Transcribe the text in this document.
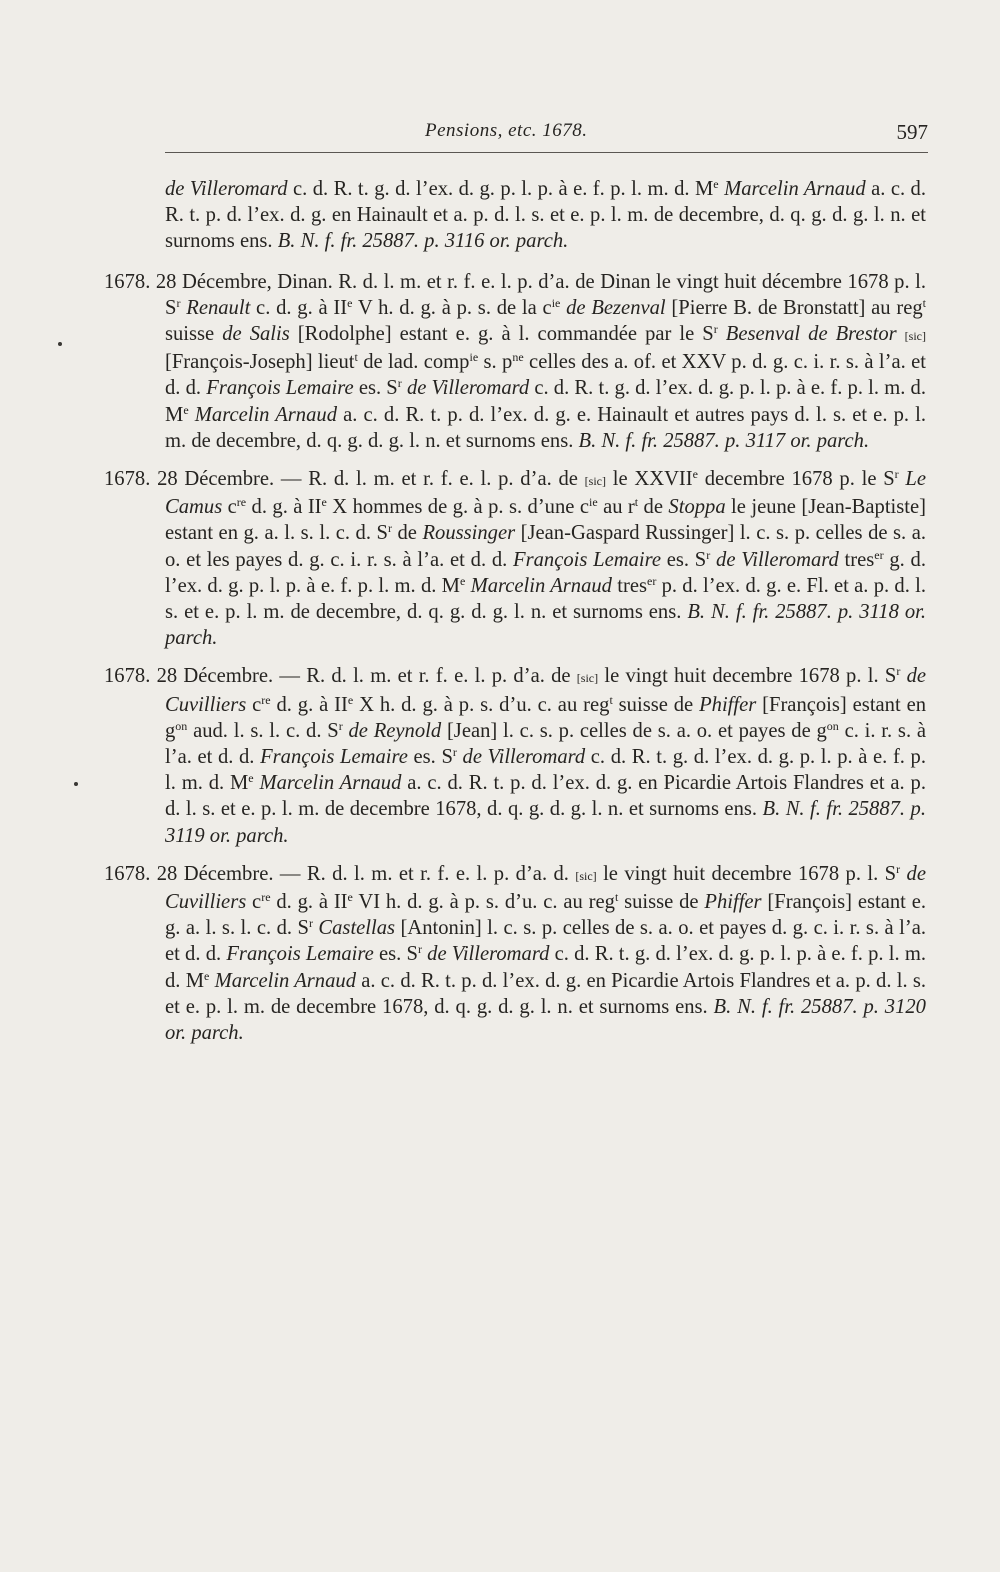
Pensions, etc. 1678.	597

de Villeromard c. d. R. t. g. d. l’ex. d. g. p. l. p. à e. f. p. l. m. d. Me Marcelin Arnaud a. c. d. R. t. p. d. l’ex. d. g. en Hainault et a. p. d. l. s. et e. p. l. m. de decembre, d. q. g. d. g. l. n. et surnoms ens. B. N. f. fr. 25887. p. 3116 or. parch.

1678. 28 Décembre, Dinan. R. d. l. m. et r. f. e. l. p. d’a. de Dinan le vingt huit décembre 1678 p. l. $S^r$ Renault c. d. g. à IIe V h. d. g. à p. s. de la $c^{ie}$ de Bezenval [Pierre B. de Bronstatt] au reg$^t$ suisse de Salis [Rodolphe] estant e. g. à l. commandée par le $S^r$ Besenval de Brestor [sic] [François-Joseph] lieut$^t$ de lad. comp$^{ie}$ s. $p^{ne}$ celles des a. of. et XXV p. d. g. c. i. r. s. à l’a. et d. d. François Lemaire es. $S^r$ de Villeromard c. d. R. t. g. d. l’ex. d. g. p. l. p. à e. f. p. l. m. d. Me Marcelin Arnaud a. c. d. R. t. p. d. l’ex. d. g. e. Hainault et autres pays d. l. s. et e. p. l. m. de decembre, d. q. g. d. g. l. n. et surnoms ens. B. N. f. fr. 25887. p. 3117 or. parch.

1678. 28 Décembre. — R. d. l. m. et r. f. e. l. p. d’a. de [sic] le XXVIIe decembre 1678 p. le $S^r$ Le Camus $c^{re}$ d. g. à IIe X hommes de g. à p. s. d’une $c^{ie}$ au $r^t$ de Stoppa le jeune [Jean-Baptiste] estant en g. a. l. s. l. c. d. $S^r$ de Roussinger [Jean-Gaspard Russinger] l. c. s. p. celles de s. a. o. et les payes d. g. c. i. r. s. à l’a. et d. d. François Lemaire es. $S^r$ de Villeromard tres$^{er}$ g. d. l’ex. d. g. p. l. p. à e. f. p. l. m. d. Me Marcelin Arnaud tres$^{er}$ p. d. l’ex. d. g. e. Fl. et a. p. d. l. s. et e. p. l. m. de decembre, d. q. g. d. g. l. n. et surnoms ens. B. N. f. fr. 25887. p. 3118 or. parch.

1678. 28 Décembre. — R. d. l. m. et r. f. e. l. p. d’a. de [sic] le vingt huit decembre 1678 p. l. $S^r$ de Cuvilliers $c^{re}$ d. g. à IIe X h. d. g. à p. s. d’u. c. au reg$^t$ suisse de Phiffer [François] estant en $g^{on}$ aud. l. s. l. c. d. $S^r$ de Reynold [Jean] l. c. s. p. celles de s. a. o. et payes de $g^{on}$ c. i. r. s. à l’a. et d. d. François Lemaire es. $S^r$ de Villeromard c. d. R. t. g. d. l’ex. d. g. p. l. p. à e. f. p. l. m. d. Me Marcelin Arnaud a. c. d. R. t. p. d. l’ex. d. g. en Picardie Artois Flandres et a. p. d. l. s. et e. p. l. m. de decembre 1678, d. q. g. d. g. l. n. et surnoms ens. B. N. f. fr. 25887. p. 3119 or. parch.

1678. 28 Décembre. — R. d. l. m. et r. f. e. l. p. d’a. d. [sic] le vingt huit decembre 1678 p. l. $S^r$ de Cuvilliers $c^{re}$ d. g. à IIe VI h. d. g. à p. s. d’u. c. au reg$^t$ suisse de Phiffer [François] estant e. g. a. l. s. l. c. d. $S^r$ Castellas [Antonin] l. c. s. p. celles de s. a. o. et payes d. g. c. i. r. s. à l’a. et d. d. François Lemaire es. $S^r$ de Villeromard c. d. R. t. g. d. l’ex. d. g. p. l. p. à e. f. p. l. m. d. Me Marcelin Arnaud a. c. d. R. t. p. d. l’ex. d. g. en Picardie Artois Flandres et a. p. d. l. s. et e. p. l. m. de decembre 1678, d. q. g. d. g. l. n. et surnoms ens. B. N. f. fr. 25887. p. 3120 or. parch.
